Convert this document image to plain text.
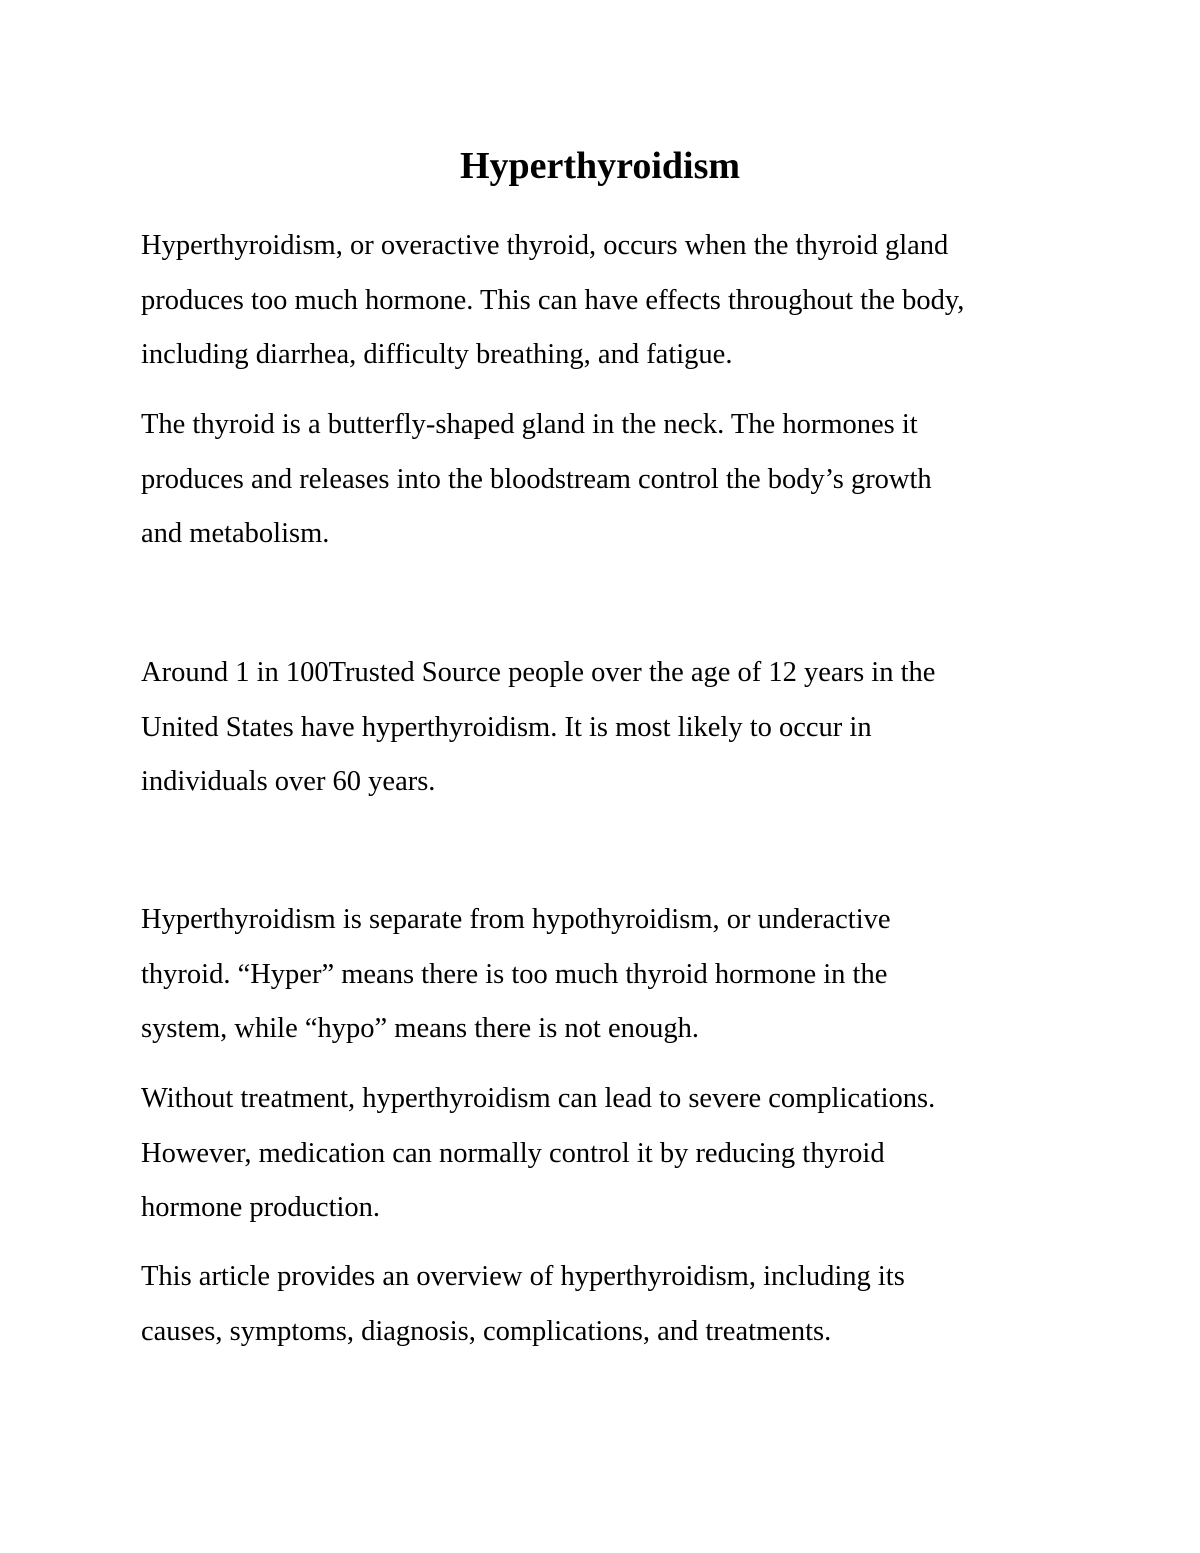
Hyperthyroidism

Hyperthyroidism, or overactive thyroid, occurs when the thyroid gland
produces too much hormone. This can have effects throughout the body,
including diarrhea, difficulty breathing, and fatigue.

The thyroid is a butterfly-shaped gland in the neck. The hormones it
produces and releases into the bloodstream control the body’s growth
and metabolism.

Around 1 in 100Trusted Source people over the age of 12 years in the
United States have hyperthyroidism. It is most likely to occur in
individuals over 60 years.

Hyperthyroidism is separate from hypothyroidism, or underactive
thyroid. “Hyper” means there is too much thyroid hormone in the
system, while “hypo” means there is not enough.

Without treatment, hyperthyroidism can lead to severe complications.
However, medication can normally control it by reducing thyroid
hormone production.

This article provides an overview of hyperthyroidism, including its
causes, symptoms, diagnosis, complications, and treatments.
